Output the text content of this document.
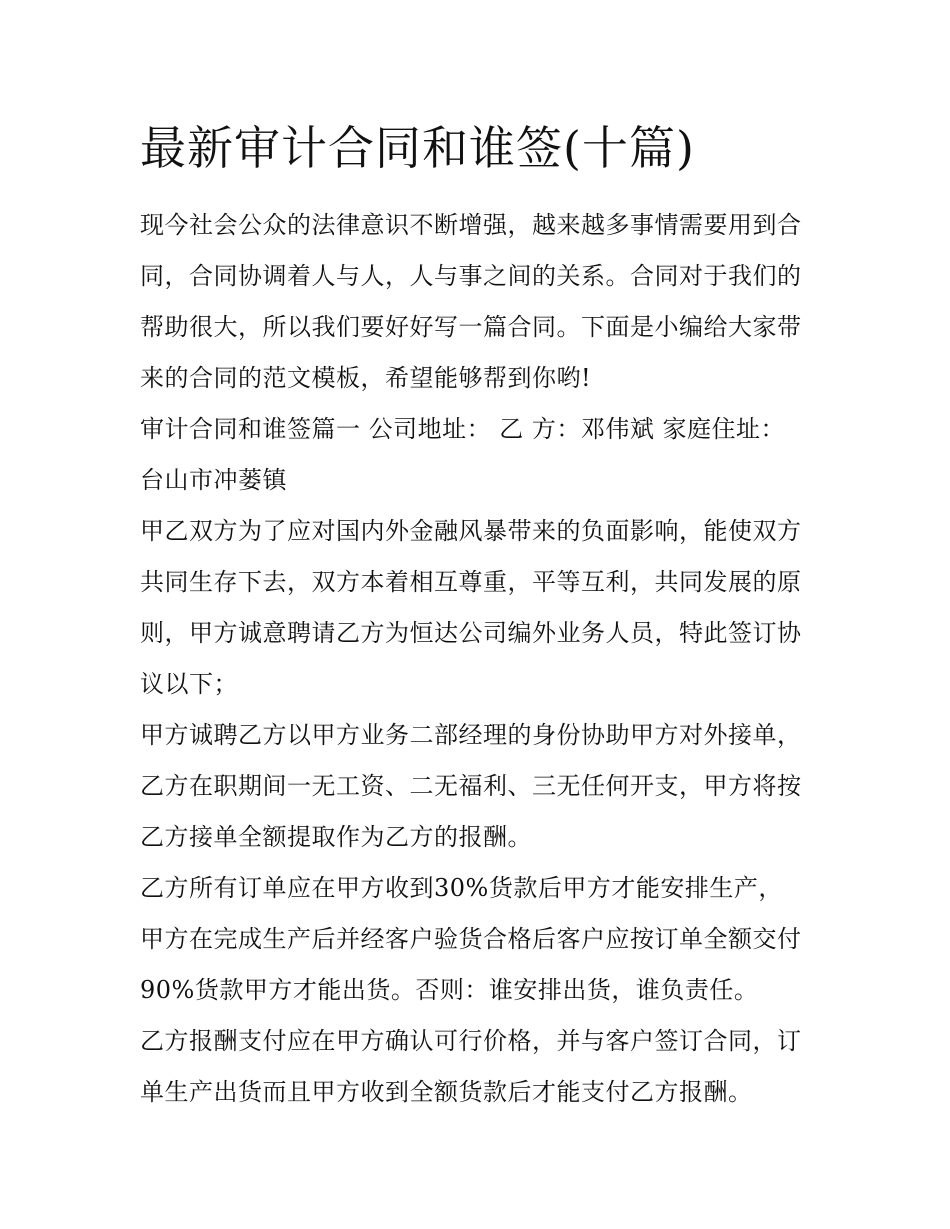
最新审计合同和谁签(十篇)

现今社会公众的法律意识不断增强，越来越多事情需要用到合

同，合同协调着人与人，人与事之间的关系。合同对于我们的

帮助很大，所以我们要好好写一篇合同。下面是小编给大家带

来的合同的范文模板，希望能够帮到你哟!

审计合同和谁签篇一 公司地址： 乙 方：邓伟斌 家庭住址：

台山市冲蒌镇

甲乙双方为了应对国内外金融风暴带来的负面影响，能使双方

共同生存下去，双方本着相互尊重，平等互利，共同发展的原

则，甲方诚意聘请乙方为恒达公司编外业务人员，特此签订协

议以下；

甲方诚聘乙方以甲方业务二部经理的身份协助甲方对外接单，

乙方在职期间一无工资、二无福利、三无任何开支，甲方将按

乙方接单全额提取作为乙方的报酬。

乙方所有订单应在甲方收到30%货款后甲方才能安排生产，

甲方在完成生产后并经客户验货合格后客户应按订单全额交付

90%货款甲方才能出货。否则：谁安排出货，谁负责任。

乙方报酬支付应在甲方确认可行价格，并与客户签订合同，订

单生产出货而且甲方收到全额货款后才能支付乙方报酬。
